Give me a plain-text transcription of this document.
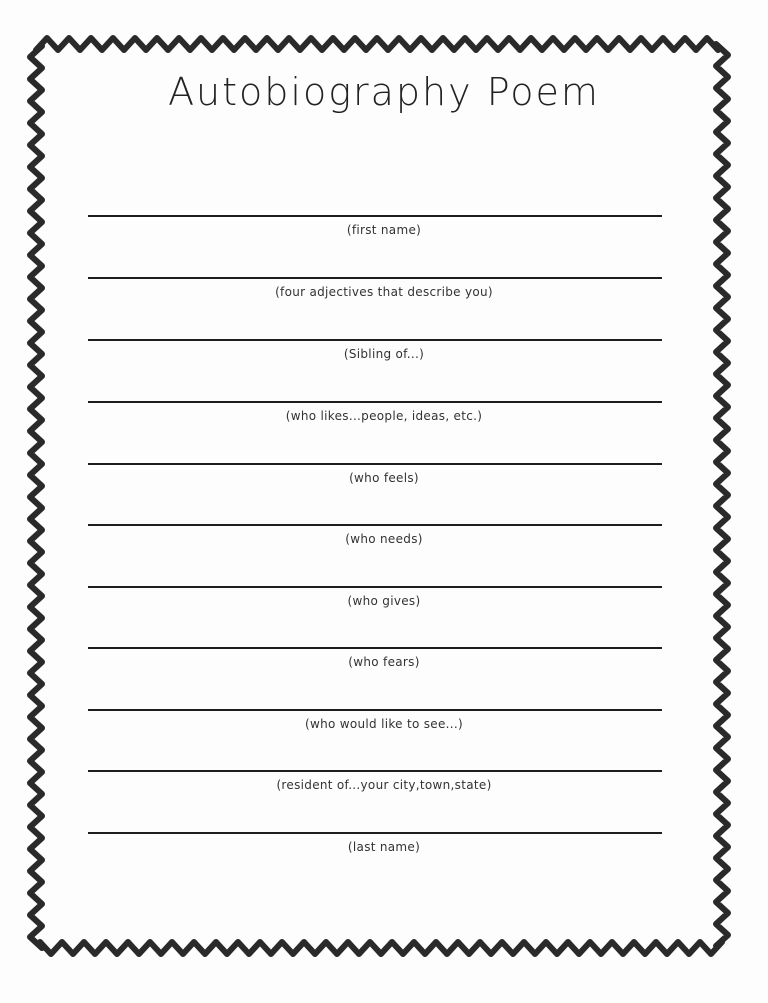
Autobiography Poem
(first name)
(four adjectives that describe you)
(Sibling of...)
(who likes...people, ideas, etc.)
(who feels)
(who needs)
(who gives)
(who fears)
(who would like to see...)
(resident of...your city,town,state)
(last name)
